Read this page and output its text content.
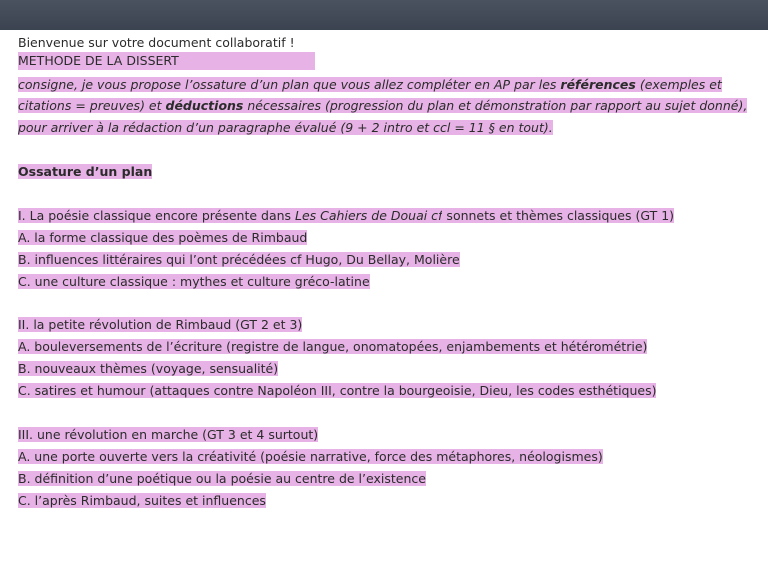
Bienvenue sur votre document collaboratif !
METHODE DE LA DISSERT
consigne, je vous propose l’ossature d’un plan que vous allez compléter en AP par les références (exemples et
citations = preuves) et déductions nécessaires (progression du plan et démonstration par rapport au sujet donné),
pour arriver à la rédaction d’un paragraphe évalué (9 + 2 intro et ccl = 11 § en tout).
Ossature d’un plan
I. La poésie classique encore présente dans Les Cahiers de Douai cf sonnets et thèmes classiques (GT 1)
A. la forme classique des poèmes de Rimbaud
B. influences littéraires qui l’ont précédées cf Hugo, Du Bellay, Molière
C. une culture classique : mythes et culture gréco-latine
II. la petite révolution de Rimbaud (GT 2 et 3)
A. bouleversements de l’écriture (registre de langue, onomatopées, enjambements et hétérométrie)
B. nouveaux thèmes (voyage, sensualité)
C. satires et humour (attaques contre Napoléon III, contre la bourgeoisie, Dieu, les codes esthétiques)
III. une révolution en marche (GT 3 et 4 surtout)
A. une porte ouverte vers la créativité (poésie narrative, force des métaphores, néologismes)
B. définition d’une poétique ou la poésie au centre de l’existence
C. l’après Rimbaud, suites et influences
